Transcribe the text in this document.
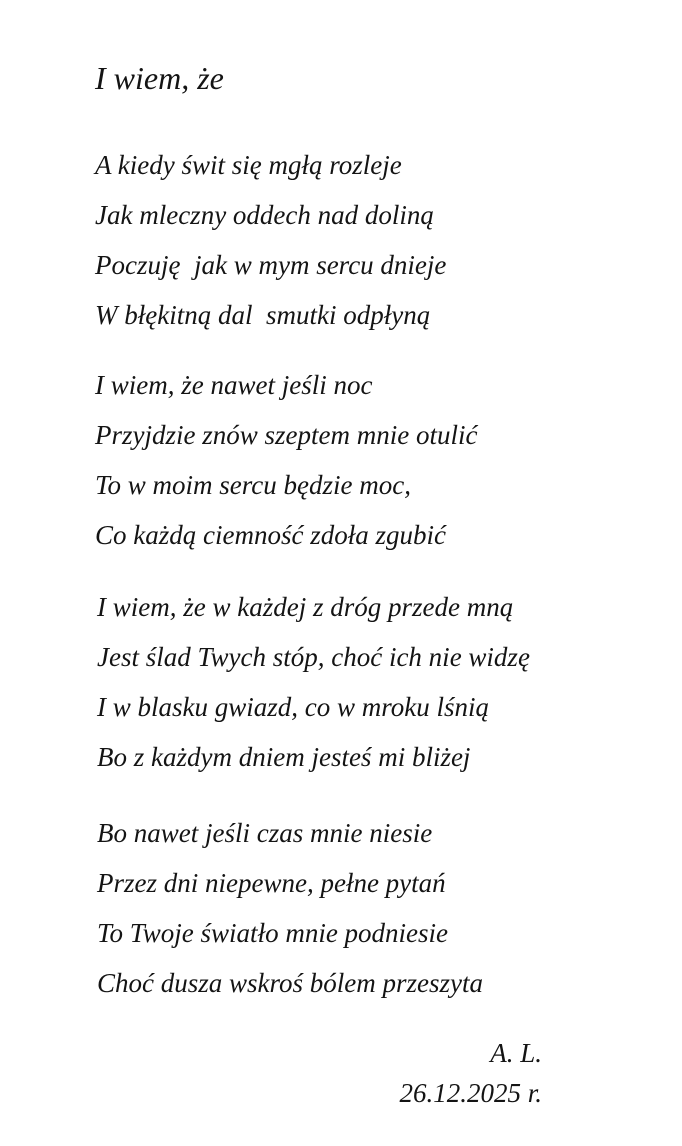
I wiem, że
A kiedy świt się mgłą rozleje
Jak mleczny oddech nad doliną
Poczuję  jak w mym sercu dnieje
W błękitną dal  smutki odpłyną
I wiem, że nawet jeśli noc
Przyjdzie znów szeptem mnie otulić
To w moim sercu będzie moc,
Co każdą ciemność zdoła zgubić
I wiem, że w każdej z dróg przede mną
Jest ślad Twych stóp, choć ich nie widzę
I w blasku gwiazd, co w mroku lśnią
Bo z każdym dniem jesteś mi bliżej
Bo nawet jeśli czas mnie niesie
Przez dni niepewne, pełne pytań
To Twoje światło mnie podniesie
Choć dusza wskroś bólem przeszyta
A. L.
26.12.2025 r.
